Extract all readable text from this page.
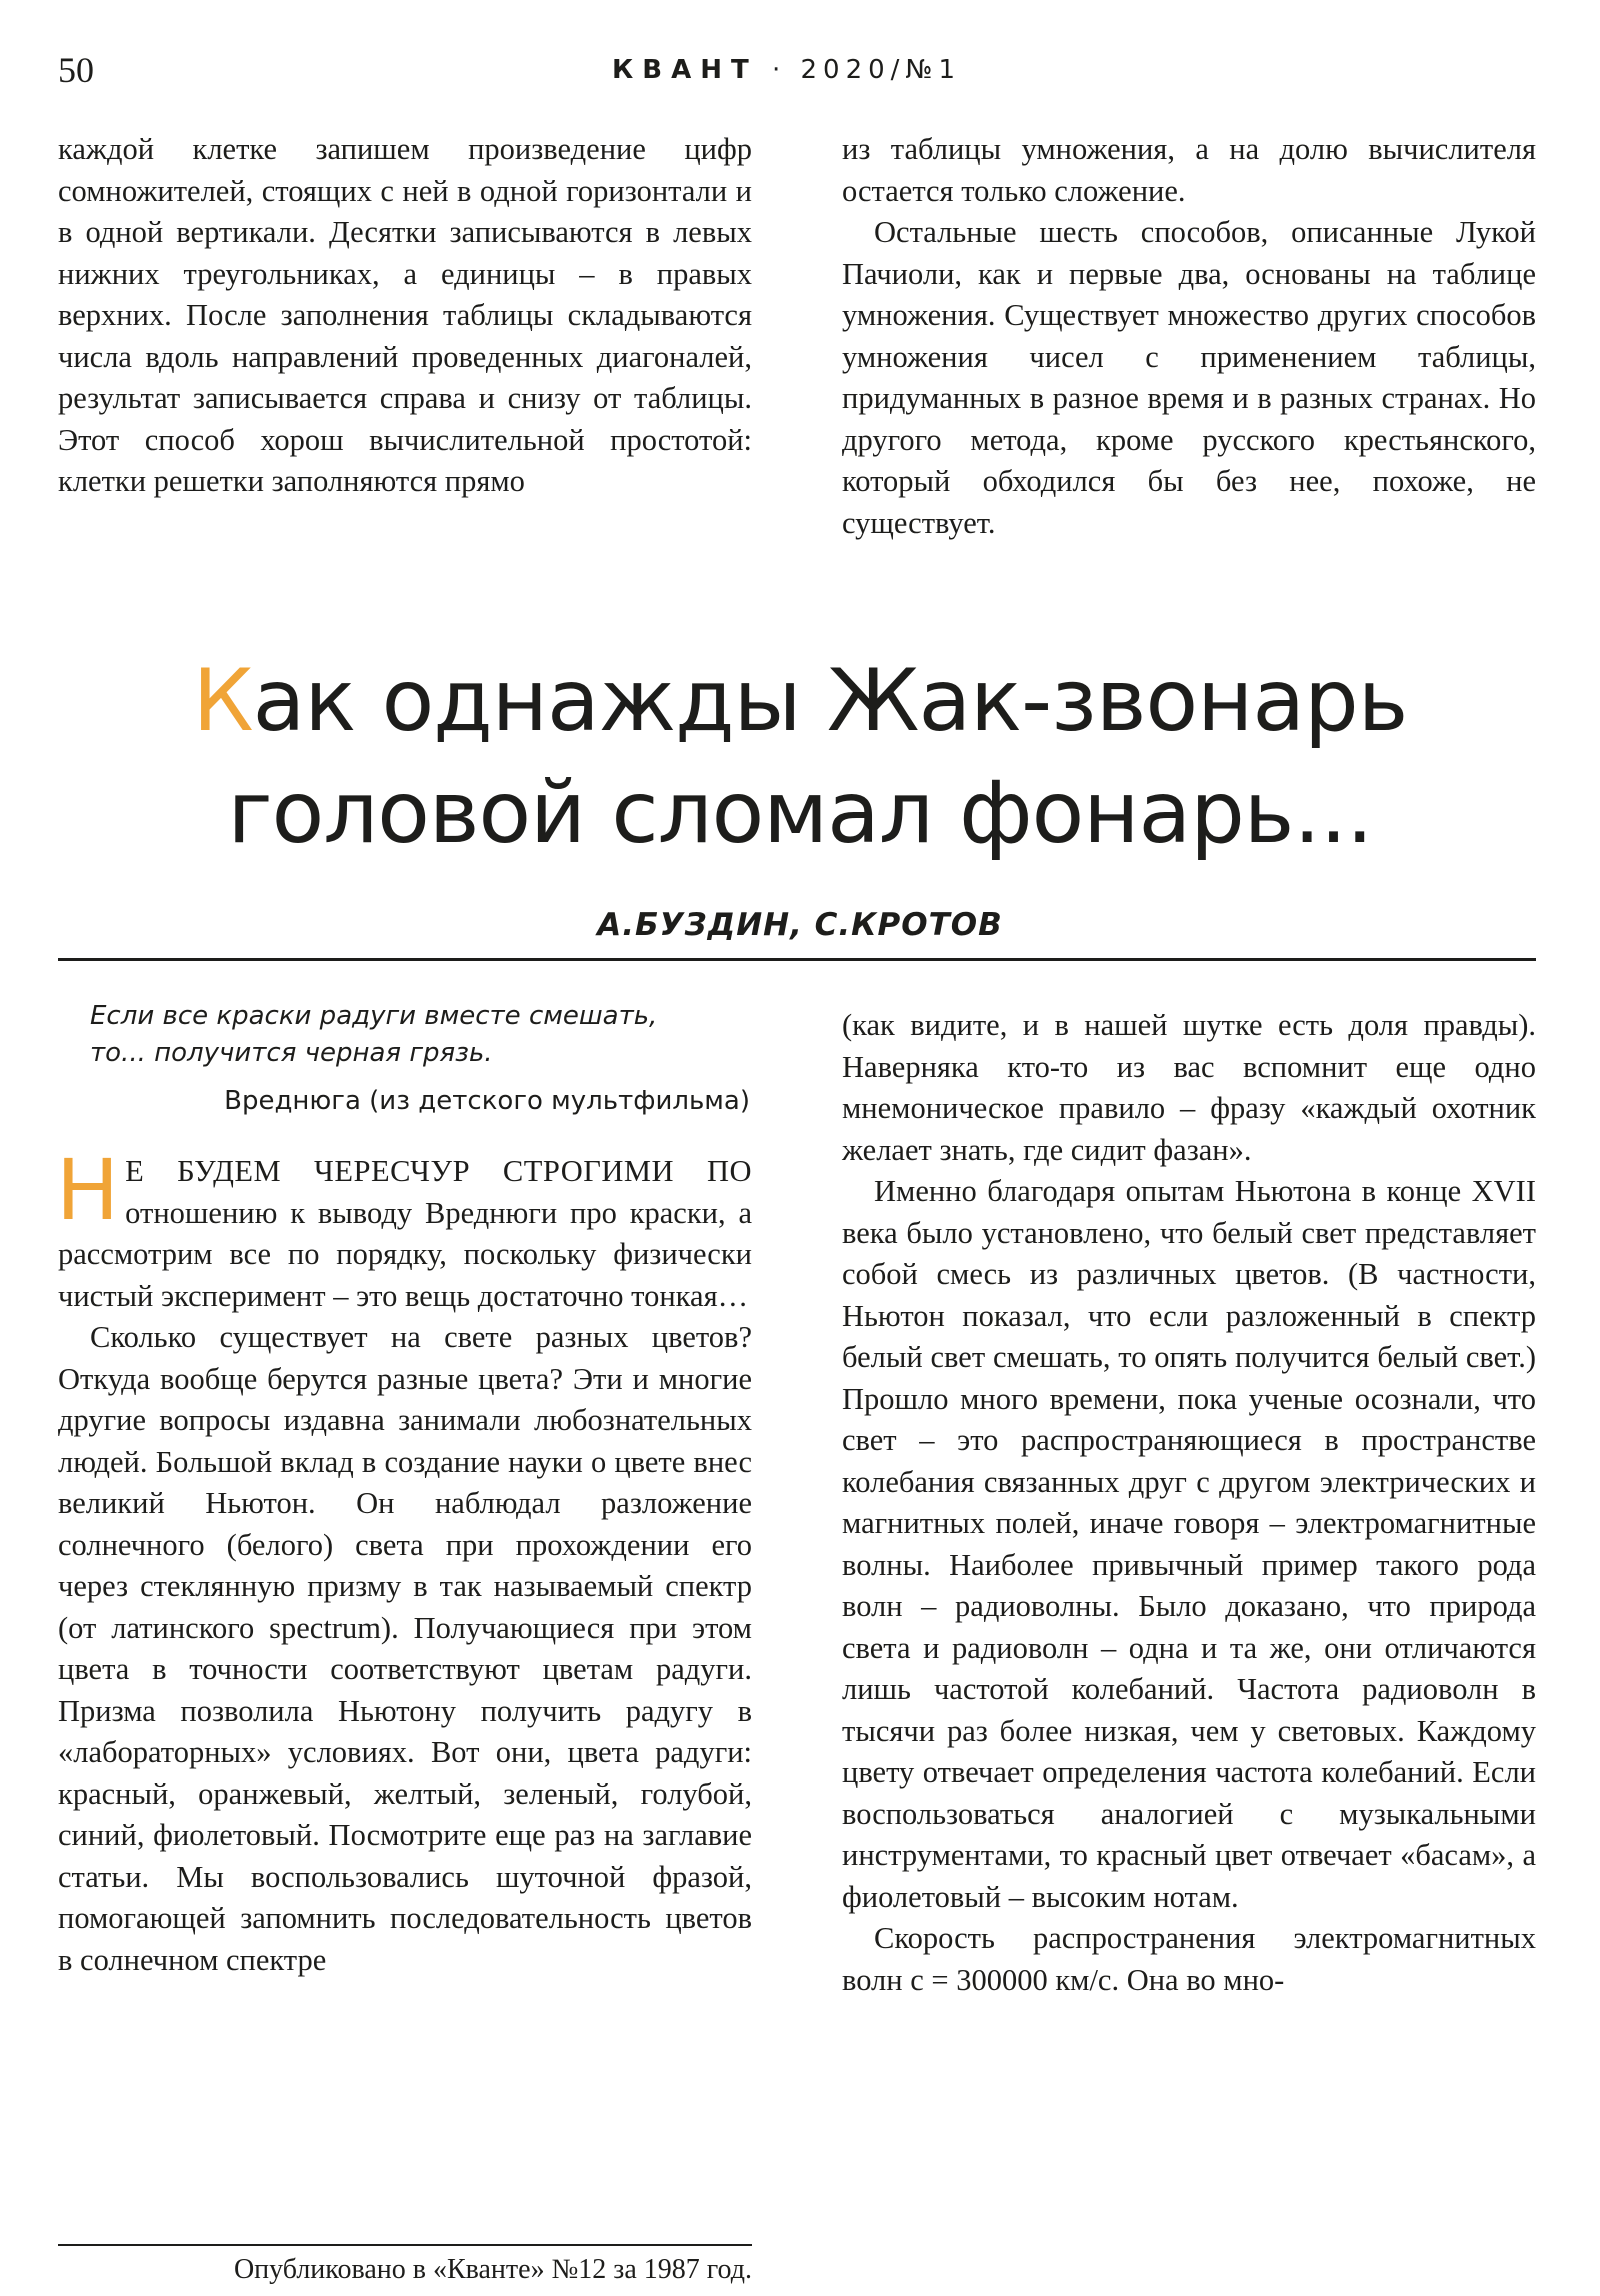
50	КВАНТ · 2020/№1

каждой клетке запишем произведение цифр сомножителей, стоящих с ней в одной горизонтали и в одной вертикали. Десятки записываются в левых нижних треугольниках, а единицы – в правых верхних. После заполнения таблицы складываются числа вдоль направлений проведенных диагоналей, результат записывается справа и снизу от таблицы. Этот способ хорош вычислительной простотой: клетки решетки заполняются прямо

из таблицы умножения, а на долю вычислителя остается только сложение.

Остальные шесть способов, описанные Лукой Пачиоли, как и первые два, основаны на таблице умножения. Существует множество других способов умножения чисел с применением таблицы, придуманных в разное время и в разных странах. Но другого метода, кроме русского крестьянского, который обходился бы без нее, похоже, не существует.

Как однажды Жак-звонарь
головой сломал фонарь...
А.БУЗДИН, С.КРОТОВ
Если все краски радуги вместе смешать,
то... получится черная грязь.
Вреднюга (из детского мультфильма)

Н Е БУДЕМ ЧЕРЕСЧУР СТРОГИМИ ПО отношению к выводу Вреднюги про краски, а рассмотрим все по порядку, поскольку физически чистый эксперимент – это вещь достаточно тонкая…

Сколько существует на свете разных цветов? Откуда вообще берутся разные цвета? Эти и многие другие вопросы издавна занимали любознательных людей. Большой вклад в создание науки о цвете внес великий Ньютон. Он наблюдал разложение солнечного (белого) света при прохождении его через стеклянную призму в так называемый спектр (от латинского spectrum). Получающиеся при этом цвета в точности соответствуют цветам радуги. Призма позволила Ньютону получить радугу в «лабораторных» условиях. Вот они, цвета радуги: красный, оранжевый, желтый, зеленый, голубой, синий, фиолетовый. Посмотрите еще раз на заглавие статьи. Мы воспользовались шуточной фразой, помогающей запомнить последовательность цветов в солнечном спектре

(как видите, и в нашей шутке есть доля правды). Наверняка кто-то из вас вспомнит еще одно мнемоническое правило – фразу «каждый охотник желает знать, где сидит фазан».

Именно благодаря опытам Ньютона в конце XVII века было установлено, что белый свет представляет собой смесь из различных цветов. (В частности, Ньютон показал, что если разложенный в спектр белый свет смешать, то опять получится белый свет.) Прошло много времени, пока ученые осознали, что свет – это распространяющиеся в пространстве колебания связанных друг с другом электрических и магнитных полей, иначе говоря – электромагнитные волны. Наиболее привычный пример такого рода волн – радиоволны. Было доказано, что природа света и радиоволн – одна и та же, они отличаются лишь частотой колебаний. Частота радиоволн в тысячи раз более низкая, чем у световых. Каждому цвету отвечает определения частота колебаний. Если воспользоваться аналогией с музыкальными инструментами, то красный цвет отвечает «басам», а фиолетовый – высоким нотам.

Скорость распространения электромагнитных волн c = 300000 км/с. Она во мно-

Опубликовано в «Кванте» №12 за 1987 год.
